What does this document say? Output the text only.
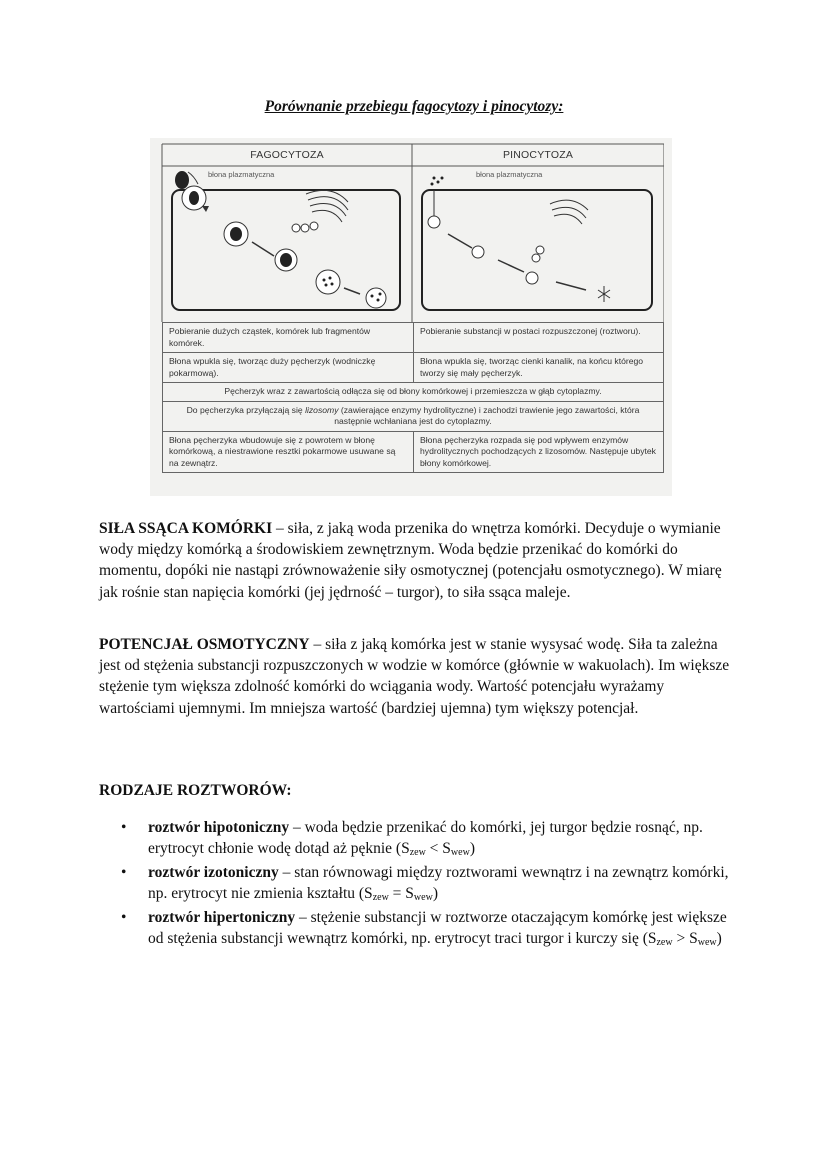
Porównanie przebiegu fagocytozy i pinocytozy:
FAGOCYTOZA	PINOCYTOZA
błona plazmatyczna	błona plazmatyczna
Pobieranie dużych cząstek, komórek lub fragmentów komórek.	Pobieranie substancji w postaci rozpuszczonej (roztworu).
Błona wpukla się, tworząc duży pęcherzyk (wodniczkę pokarmową).	Błona wpukla się, tworząc cienki kanalik, na końcu którego tworzy się mały pęcherzyk.
Pęcherzyk wraz z zawartością odłącza się od błony komórkowej i przemieszcza w głąb cytoplazmy.	
Do pęcherzyka przyłączają się lizosomy (zawierające enzymy hydrolityczne) i zachodzi trawienie jego zawartości, która następnie wchłaniana jest do cytoplazmy.	
Błona pęcherzyka wbudowuje się z powrotem w błonę komórkową, a niestrawione resztki pokarmowe usuwane są na zewnątrz.	Błona pęcherzyka rozpada się pod wpływem enzymów hydrolitycznych pochodzących z lizosomów. Następuje ubytek błony komórkowej.
SIŁA SSĄCA KOMÓRKI – siła, z jaką woda przenika do wnętrza komórki. Decyduje o wymianie wody między komórką a środowiskiem zewnętrznym. Woda będzie przenikać do komórki do momentu, dopóki nie nastąpi zrównoważenie siły osmotycznej (potencjału osmotycznego). W miarę jak rośnie stan napięcia komórki (jej jędrność – turgor), to siła ssąca maleje.
POTENCJAŁ OSMOTYCZNY – siła z jaką komórka jest w stanie wysysać wodę. Siła ta zależna jest od stężenia substancji rozpuszczonych w wodzie w komórce (głównie w wakuolach). Im większe stężenie tym większa zdolność komórki do wciągania wody. Wartość potencjału wyrażamy wartościami ujemnymi. Im mniejsza wartość (bardziej ujemna) tym większy potencjał.
RODZAJE ROZTWORÓW:
• roztwór hipotoniczny – woda będzie przenikać do komórki, jej turgor będzie rosnąć, np. erytrocyt chłonie wodę dotąd aż pęknie $(S_{zew} < S_{wew})$
• roztwór izotoniczny – stan równowagi między roztworami wewnątrz i na zewnątrz komórki, np. erytrocyt nie zmienia kształtu $(S_{zew} = S_{wew})$
• roztwór hipertoniczny – stężenie substancji w roztworze otaczającym komórkę jest większe od stężenia substancji wewnątrz komórki, np. erytrocyt traci turgor i kurczy się $(S_{zew} > S_{wew})$
